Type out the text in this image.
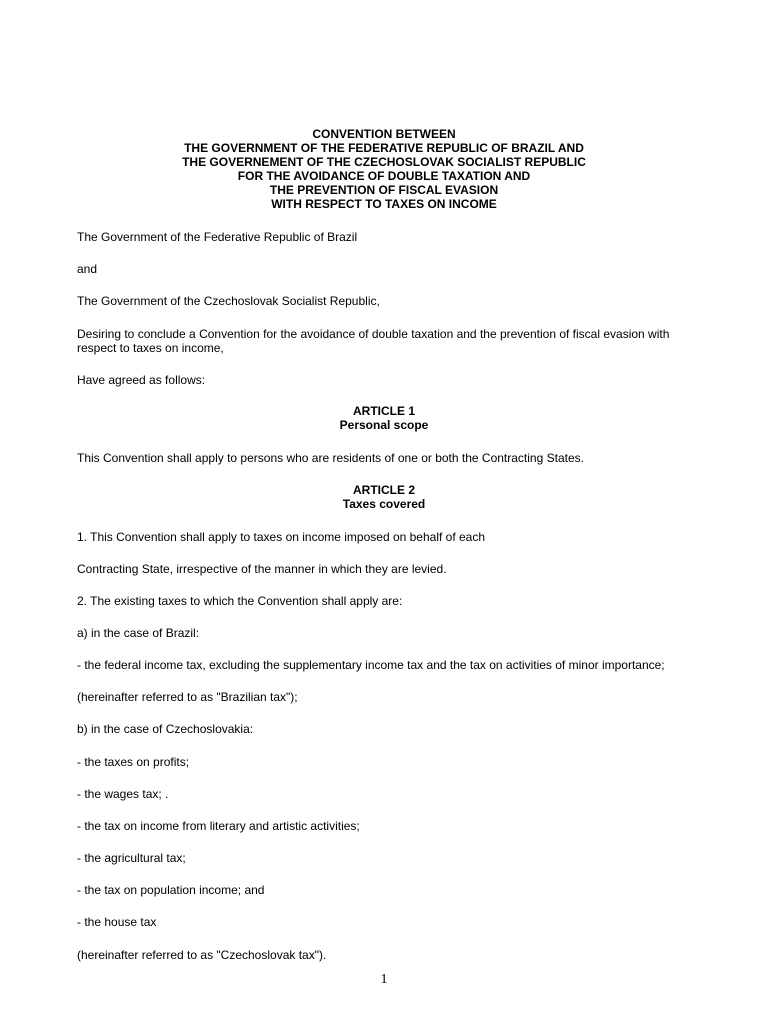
CONVENTION BETWEEN
THE GOVERNMENT OF THE FEDERATIVE REPUBLIC OF BRAZIL AND
THE GOVERNEMENT OF THE CZECHOSLOVAK SOCIALIST REPUBLIC
FOR THE AVOIDANCE OF DOUBLE TAXATION AND
THE PREVENTION OF FISCAL EVASION
WITH RESPECT TO TAXES ON INCOME

The Government of the Federative Republic of Brazil

and

The Government of the Czechoslovak Socialist Republic,

Desiring to conclude a Convention for the avoidance of double taxation and the prevention of fiscal evasion with respect to taxes on income,

Have agreed as follows:

ARTICLE 1
Personal scope

This Convention shall apply to persons who are residents of one or both the Contracting States.

ARTICLE 2
Taxes covered

1. This Convention shall apply to taxes on income imposed on behalf of each

Contracting State, irrespective of the manner in which they are levied.

2. The existing taxes to which the Convention shall apply are:

a) in the case of Brazil:

- the federal income tax, excluding the supplementary income tax and the tax on activities of minor importance;

(hereinafter referred to as "Brazilian tax");

b) in the case of Czechoslovakia:

- the taxes on profits;

- the wages tax; .

- the tax on income from literary and artistic activities;

- the agricultural tax;

- the tax on population income; and

- the house tax

(hereinafter referred to as "Czechoslovak tax").

1
